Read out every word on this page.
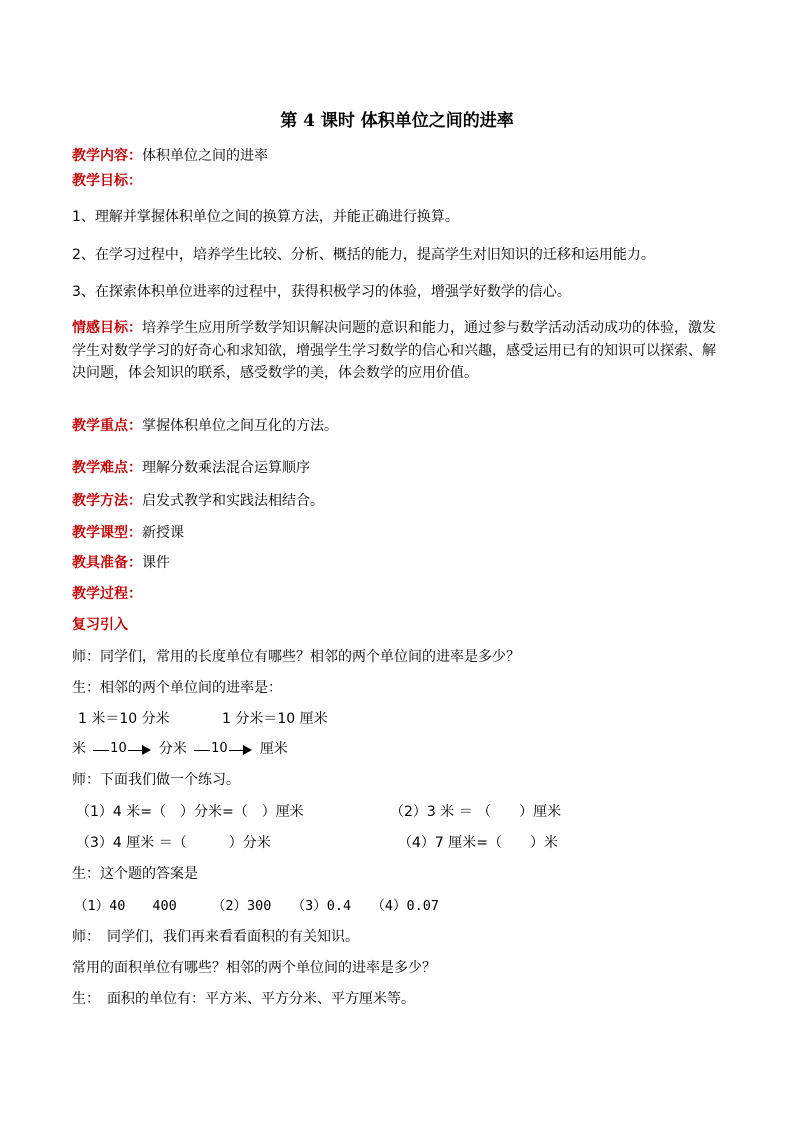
第 4 课时 体积单位之间的进率

教学内容：体积单位之间的进率

教学目标：

1、理解并掌握体积单位之间的换算方法，并能正确进行换算。

2、在学习过程中，培养学生比较、分析、概括的能力，提高学生对旧知识的迁移和运用能力。

3、在探索体积单位进率的过程中，获得积极学习的体验，增强学好数学的信心。

情感目标：培养学生应用所学数学知识解决问题的意识和能力，通过参与数学活动活动成功的体验，激发学生对数学学习的好奇心和求知欲，增强学生学习数学的信心和兴趣，感受运用已有的知识可以探索、解决问题，体会知识的联系，感受数学的美，体会数学的应用价值。

教学重点：掌握体积单位之间互化的方法。

教学难点：理解分数乘法混合运算顺序

教学方法：启发式教学和实践法相结合。

教学课型：新授课

教具准备：课件

教学过程：

复习引入

师：同学们，常用的长度单位有哪些？相邻的两个单位间的进率是多少？

生：相邻的两个单位间的进率是：

1 米＝10 分米	1 分米＝10 厘米

米	10	分米	10	厘米

师：下面我们做一个练习。

（1）4 米=（　）分米=（　）厘米	（2）3 米 ＝ （　　）厘米

（3）4 厘米 ＝（　　　）分米	（4）7 厘米=（　　）米

生：这个题的答案是

（1）40　　400　　 （2）300　　（3）0.4　　（4）0.07

师：　同学们，我们再来看看面积的有关知识。

常用的面积单位有哪些？相邻的两个单位间的进率是多少？

生：　面积的单位有：平方米、平方分米、平方厘米等。
